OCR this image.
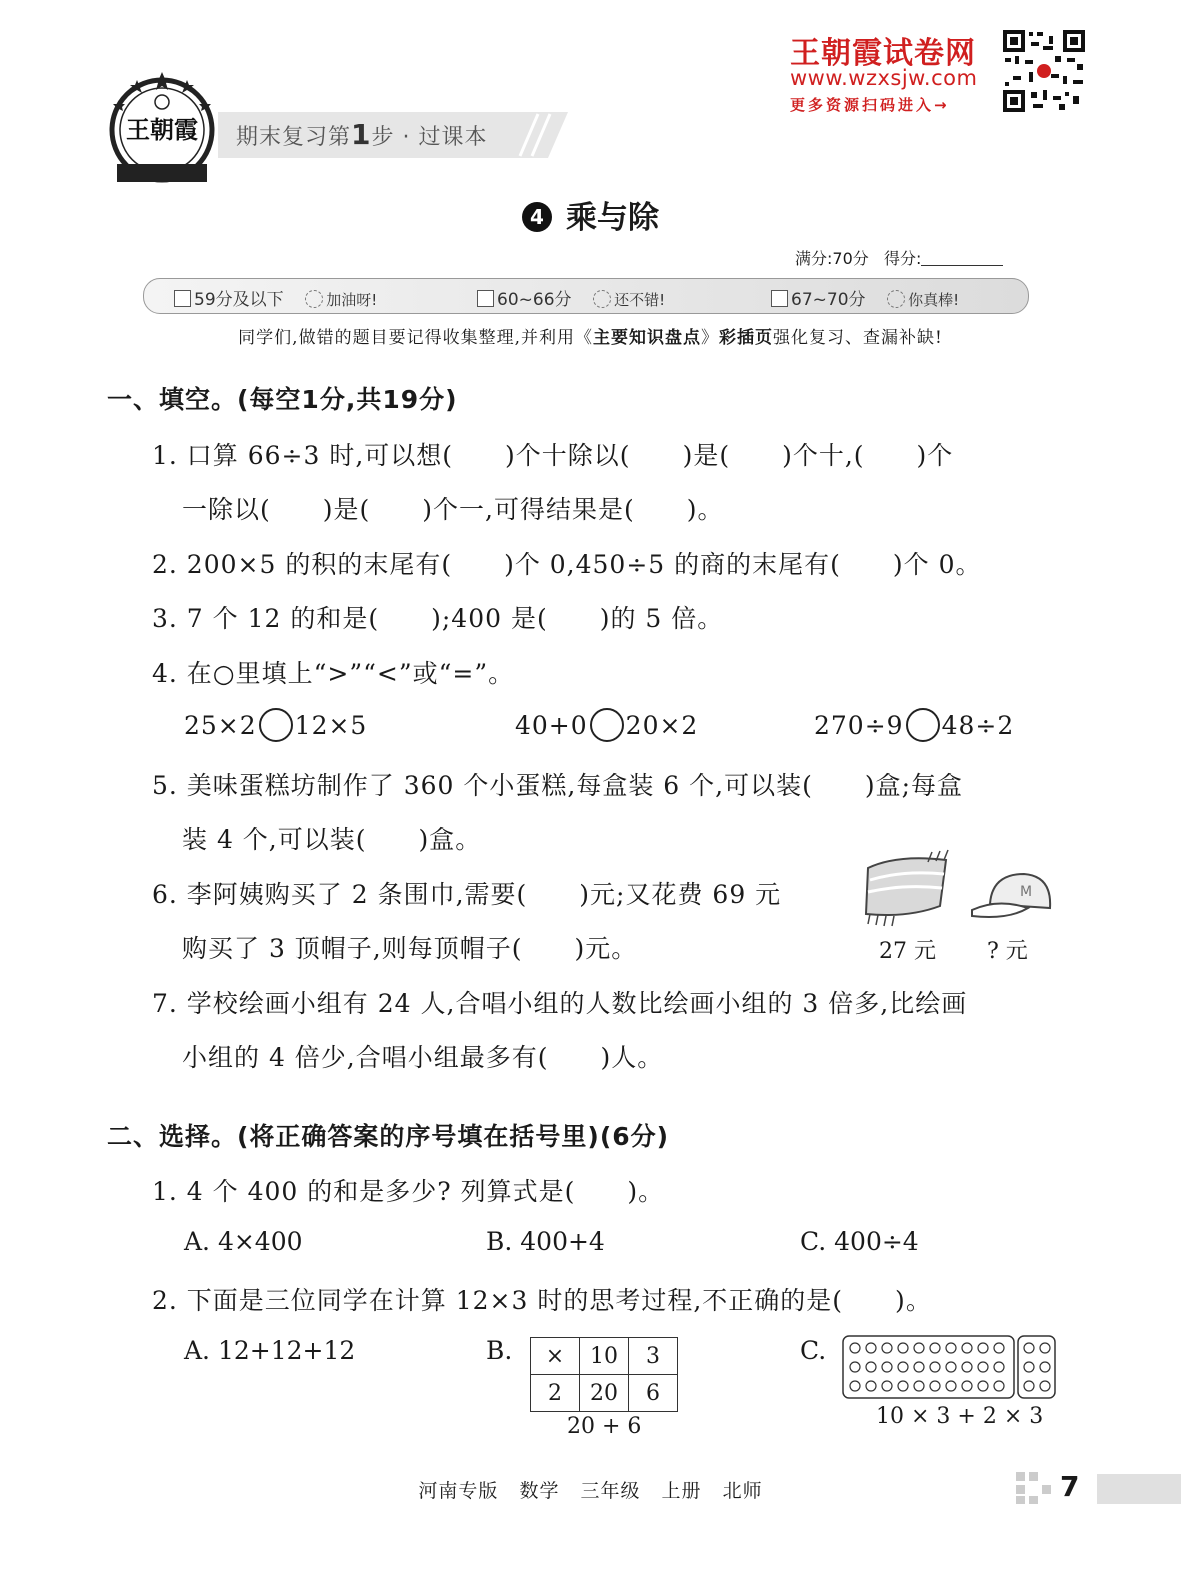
王朝霞 期末复习第1步 · 过课本
王朝霞试卷网
www.wzxsjw.com
更多资源扫码进入→
4 乘与除
满分:70分 得分:
59分及以下	加油呀!	60~66分	还不错!	67~70分	你真棒!
同学们,做错的题目要记得收集整理,并利用《主要知识盘点》彩插页强化复习、查漏补缺!
一、填空。(每空1分,共19分)
1. 口算 66÷3 时,可以想(　　)个十除以(　　)是(　　)个十,(　　)个
一除以(　　)是(　　)个一,可得结果是(　　)。
2. 200×5 的积的末尾有(　　)个 0,450÷5 的商的末尾有(　　)个 0。
3. 7 个 12 的和是(　　);400 是(　　)的 5 倍。
4. 在○里填上“>”“<”或“=”。
25×2 12×5	40+0 20×2	270÷9 48÷2
5. 美味蛋糕坊制作了 360 个小蛋糕,每盒装 6 个,可以装(　　)盒;每盒
装 4 个,可以装(　　)盒。
6. 李阿姨购买了 2 条围巾,需要(　　)元;又花费 69 元
购买了 3 顶帽子,则每顶帽子(　　)元。
M
27 元 ? 元
7. 学校绘画小组有 24 人,合唱小组的人数比绘画小组的 3 倍多,比绘画
小组的 4 倍少,合唱小组最多有(　　)人。
二、选择。(将正确答案的序号填在括号里)(6分)
1. 4 个 400 的和是多少? 列算式是(　　)。
A. 4×400	B. 400+4	C. 400÷4
2. 下面是三位同学在计算 12×3 时的思考过程,不正确的是(　　)。
A. 12+12+12	B. ×	10	3
2	20	6
20 + 6
C.
10 × 3 + 2 × 3
河南专版 数学 三年级 上册 北师	7
